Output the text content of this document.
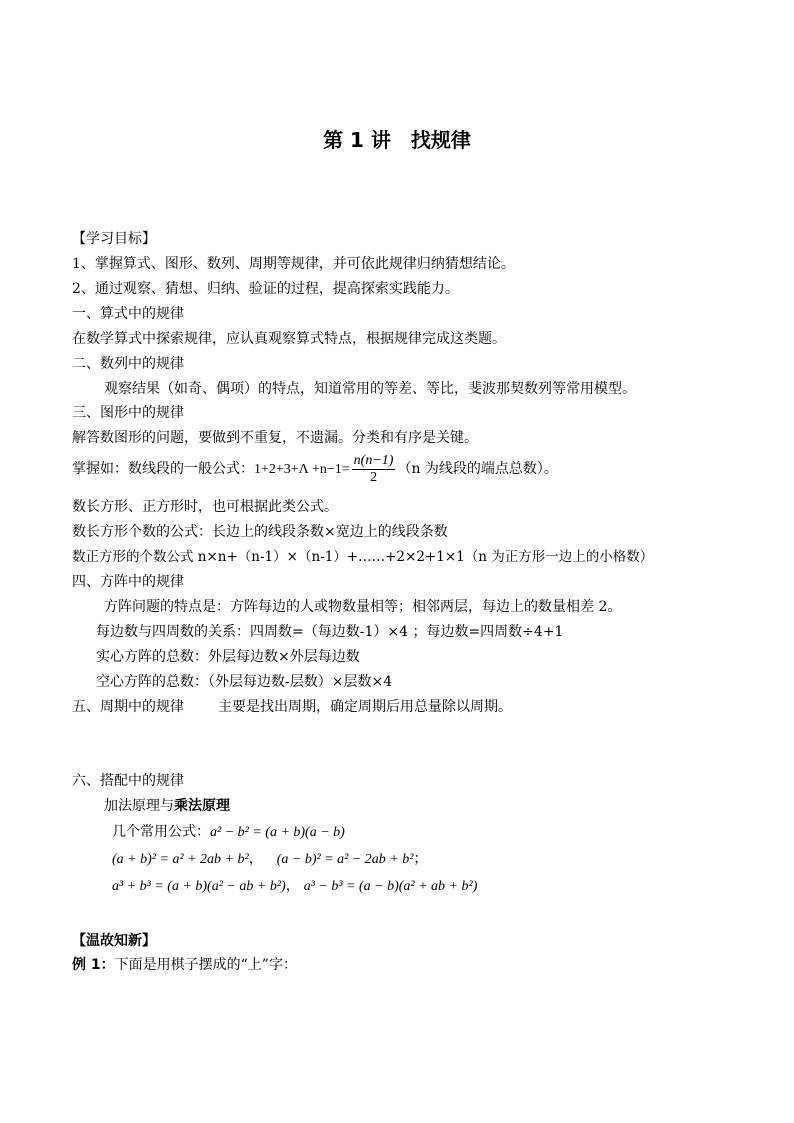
第 1 讲　找规律
【学习目标】
1、掌握算式、图形、数列、周期等规律，并可依此规律归纳猜想结论。
2、通过观察、猜想、归纳、验证的过程，提高探索实践能力。
一、算式中的规律
在数学算式中探索规律，应认真观察算式特点，根据规律完成这类题。
二、数列中的规律
观察结果（如奇、偶项）的特点，知道常用的等差、等比，斐波那契数列等常用模型。
三、图形中的规律
解答数图形的问题，要做到不重复，不遗漏。分类和有序是关键。
掌握如：数线段的一般公式：$1+2+3+\Lambda +n-1= \frac{n(n-1)}{2} (n$ 为线段的端点总数）。
数长方形、正方形时，也可根据此类公式。
数长方形个数的公式：长边上的线段条数×宽边上的线段条数
数正方形的个数公式 n×n+（n-1）×（n-1）+……+2×2+1×1（n 为正方形一边上的小格数）
四、方阵中的规律
方阵问题的特点是：方阵每边的人或物数量相等；相邻两层，每边上的数量相差 2。
每边数与四周数的关系：四周数=（每边数-1）×4 ；每边数=四周数÷4+1
实心方阵的总数：外层每边数×外层每边数
空心方阵的总数：（外层每边数-层数）×层数×4
五、周期中的规律 主要是找出周期，确定周期后用总量除以周期。
六、搭配中的规律
加法原理与乘法原理
几个常用公式：a² − b² = (a + b)(a − b)
(a + b)² = a² + 2ab + b²， (a − b)² = a² − 2ab + b²；
a³ + b³ = (a + b)(a² − ab + b²)， a³ − b³ = (a − b)(a² + ab + b²)
【温故知新】
例 1：下面是用棋子摆成的“上”字：
